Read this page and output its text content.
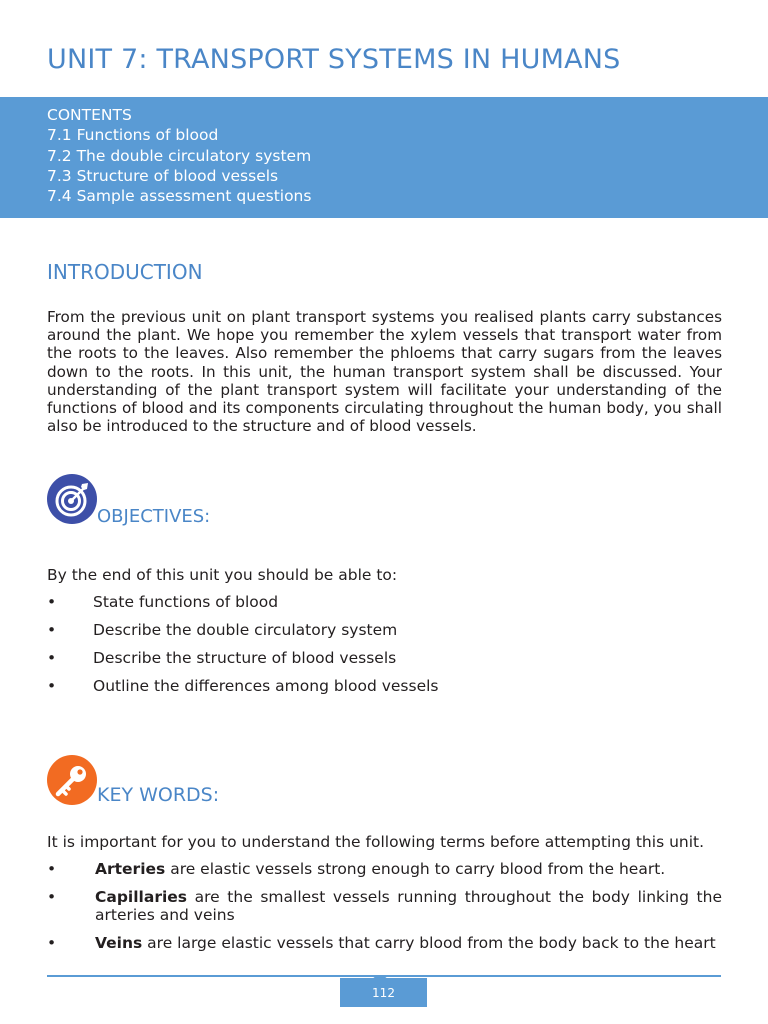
UNIT 7: TRANSPORT SYSTEMS IN HUMANS
CONTENTS
7.1 Functions of blood
7.2 The double circulatory system
7.3 Structure of blood vessels
7.4 Sample assessment questions
INTRODUCTION
From the previous unit on plant transport systems you realised plants carry substances around the plant. We hope you remember the xylem vessels that transport water from the roots to the leaves. Also remember the phloems that carry sugars from the leaves down to the roots. In this unit, the human transport system shall be discussed. Your understanding of the plant transport system will facilitate your understanding of the functions of blood and its components circulating throughout the human body, you shall also be introduced to the structure and of blood vessels.
OBJECTIVES:
By the end of this unit you should be able to:
• State functions of blood
• Describe the double circulatory system
• Describe the structure of blood vessels
• Outline the differences among blood vessels
KEY WORDS:
It is important for you to understand the following terms before attempting this unit.
•	Arteries are elastic vessels strong enough to carry blood from the heart.
•	Capillaries are the smallest vessels running throughout the body linking the arteries and veins
•	Veins are large elastic vessels that carry blood from the body back to the heart
112
